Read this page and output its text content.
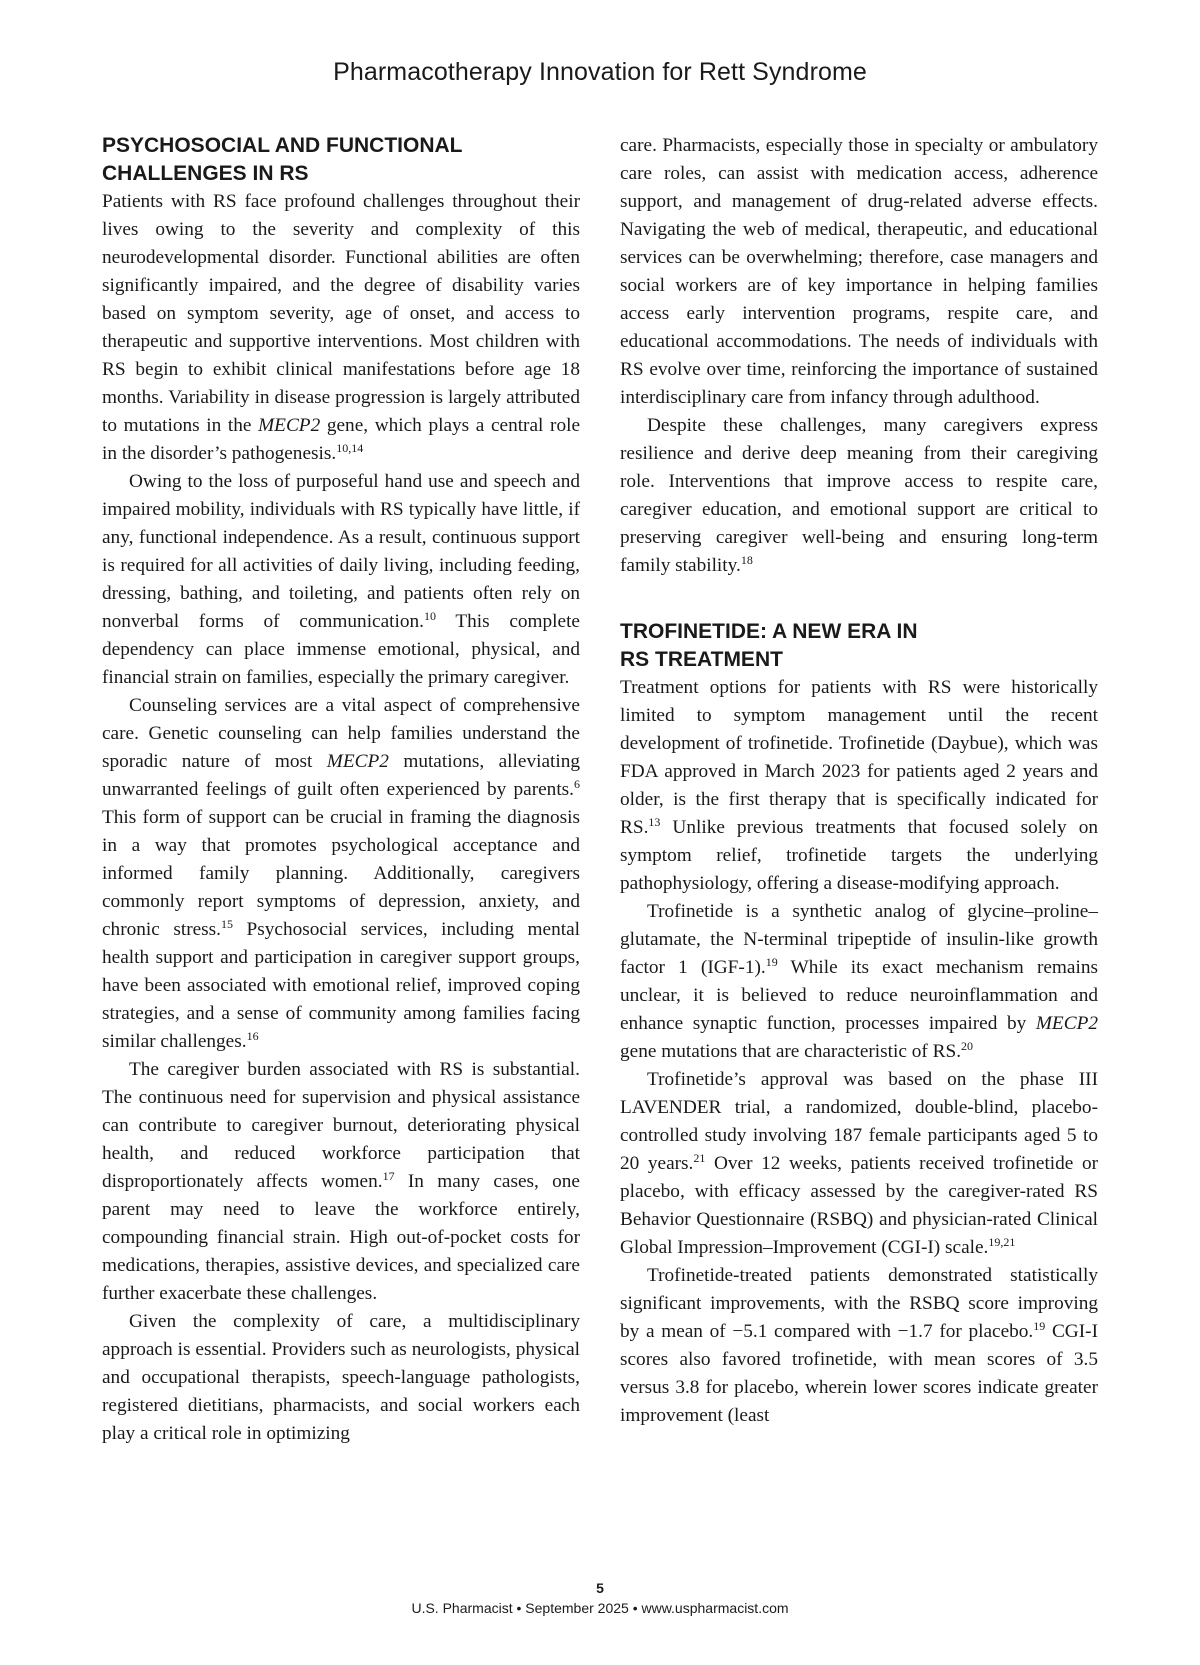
Pharmacotherapy Innovation for Rett Syndrome
PSYCHOSOCIAL AND FUNCTIONAL
CHALLENGES IN RS

Patients with RS face profound challenges throughout their lives owing to the severity and complexity of this neurodevelopmental disorder. Functional abilities are often significantly impaired, and the degree of disability varies based on symptom severity, age of onset, and access to therapeutic and supportive interventions. Most children with RS begin to exhibit clinical manifestations before age 18 months. Variability in disease progression is largely attributed to mutations in the MECP2 gene, which plays a central role in the disorder’s pathogenesis.$^{10,14}$

Owing to the loss of purposeful hand use and speech and impaired mobility, individuals with RS typically have little, if any, functional independence. As a result, continuous support is required for all activities of daily living, including feeding, dressing, bathing, and toileting, and patients often rely on nonverbal forms of communication.$^{10}$ This complete dependency can place immense emotional, physical, and financial strain on families, especially the primary caregiver.

Counseling services are a vital aspect of comprehensive care. Genetic counseling can help families understand the sporadic nature of most MECP2 mutations, alleviating unwarranted feelings of guilt often experienced by parents.$^6$ This form of support can be crucial in framing the diagnosis in a way that promotes psychological acceptance and informed family planning. Additionally, caregivers commonly report symptoms of depression, anxiety, and chronic stress.$^{15}$ Psychosocial services, including mental health support and participation in caregiver support groups, have been associated with emotional relief, improved coping strategies, and a sense of community among families facing similar challenges.$^{16}$

The caregiver burden associated with RS is substantial. The continuous need for supervision and physical assistance can contribute to caregiver burnout, deteriorating physical health, and reduced workforce participation that disproportionately affects women.$^{17}$ In many cases, one parent may need to leave the workforce entirely, compounding financial strain. High out-of-pocket costs for medications, therapies, assistive devices, and specialized care further exacerbate these challenges.

Given the complexity of care, a multidisciplinary approach is essential. Providers such as neurologists, physical and occupational therapists, speech-language pathologists, registered dietitians, pharmacists, and social workers each play a critical role in optimizing

care. Pharmacists, especially those in specialty or ambulatory care roles, can assist with medication access, adherence support, and management of drug-related adverse effects. Navigating the web of medical, therapeutic, and educational services can be overwhelming; therefore, case managers and social workers are of key importance in helping families access early intervention programs, respite care, and educational accommodations. The needs of individuals with RS evolve over time, reinforcing the importance of sustained interdisciplinary care from infancy through adulthood.

Despite these challenges, many caregivers express resilience and derive deep meaning from their caregiving role. Interventions that improve access to respite care, caregiver education, and emotional support are critical to preserving caregiver well-being and ensuring long-term family stability.$^{18}$

TROFINETIDE: A NEW ERA IN
RS TREATMENT

Treatment options for patients with RS were historically limited to symptom management until the recent development of trofinetide. Trofinetide (Daybue), which was FDA approved in March 2023 for patients aged 2 years and older, is the first therapy that is specifically indicated for RS.$^{13}$ Unlike previous treatments that focused solely on symptom relief, trofinetide targets the underlying pathophysiology, offering a disease-modifying approach.

Trofinetide is a synthetic analog of glycine–proline–glutamate, the N-terminal tripeptide of insulin-like growth factor 1 (IGF-1).$^{19}$ While its exact mechanism remains unclear, it is believed to reduce neuroinflammation and enhance synaptic function, processes impaired by MECP2 gene mutations that are characteristic of RS.$^{20}$

Trofinetide’s approval was based on the phase III LAVENDER trial, a randomized, double-blind, placebo-controlled study involving 187 female participants aged 5 to 20 years.$^{21}$ Over 12 weeks, patients received trofinetide or placebo, with efficacy assessed by the caregiver-rated RS Behavior Questionnaire (RSBQ) and physician-rated Clinical Global Impression–Improvement (CGI-I) scale.$^{19,21}$

Trofinetide-treated patients demonstrated statistically significant improvements, with the RSBQ score improving by a mean of −5.1 compared with −1.7 for placebo.$^{19}$ CGI-I scores also favored trofinetide, with mean scores of 3.5 versus 3.8 for placebo, wherein lower scores indicate greater improvement (least

5
U.S. Pharmacist • September 2025 • www.uspharmacist.com
